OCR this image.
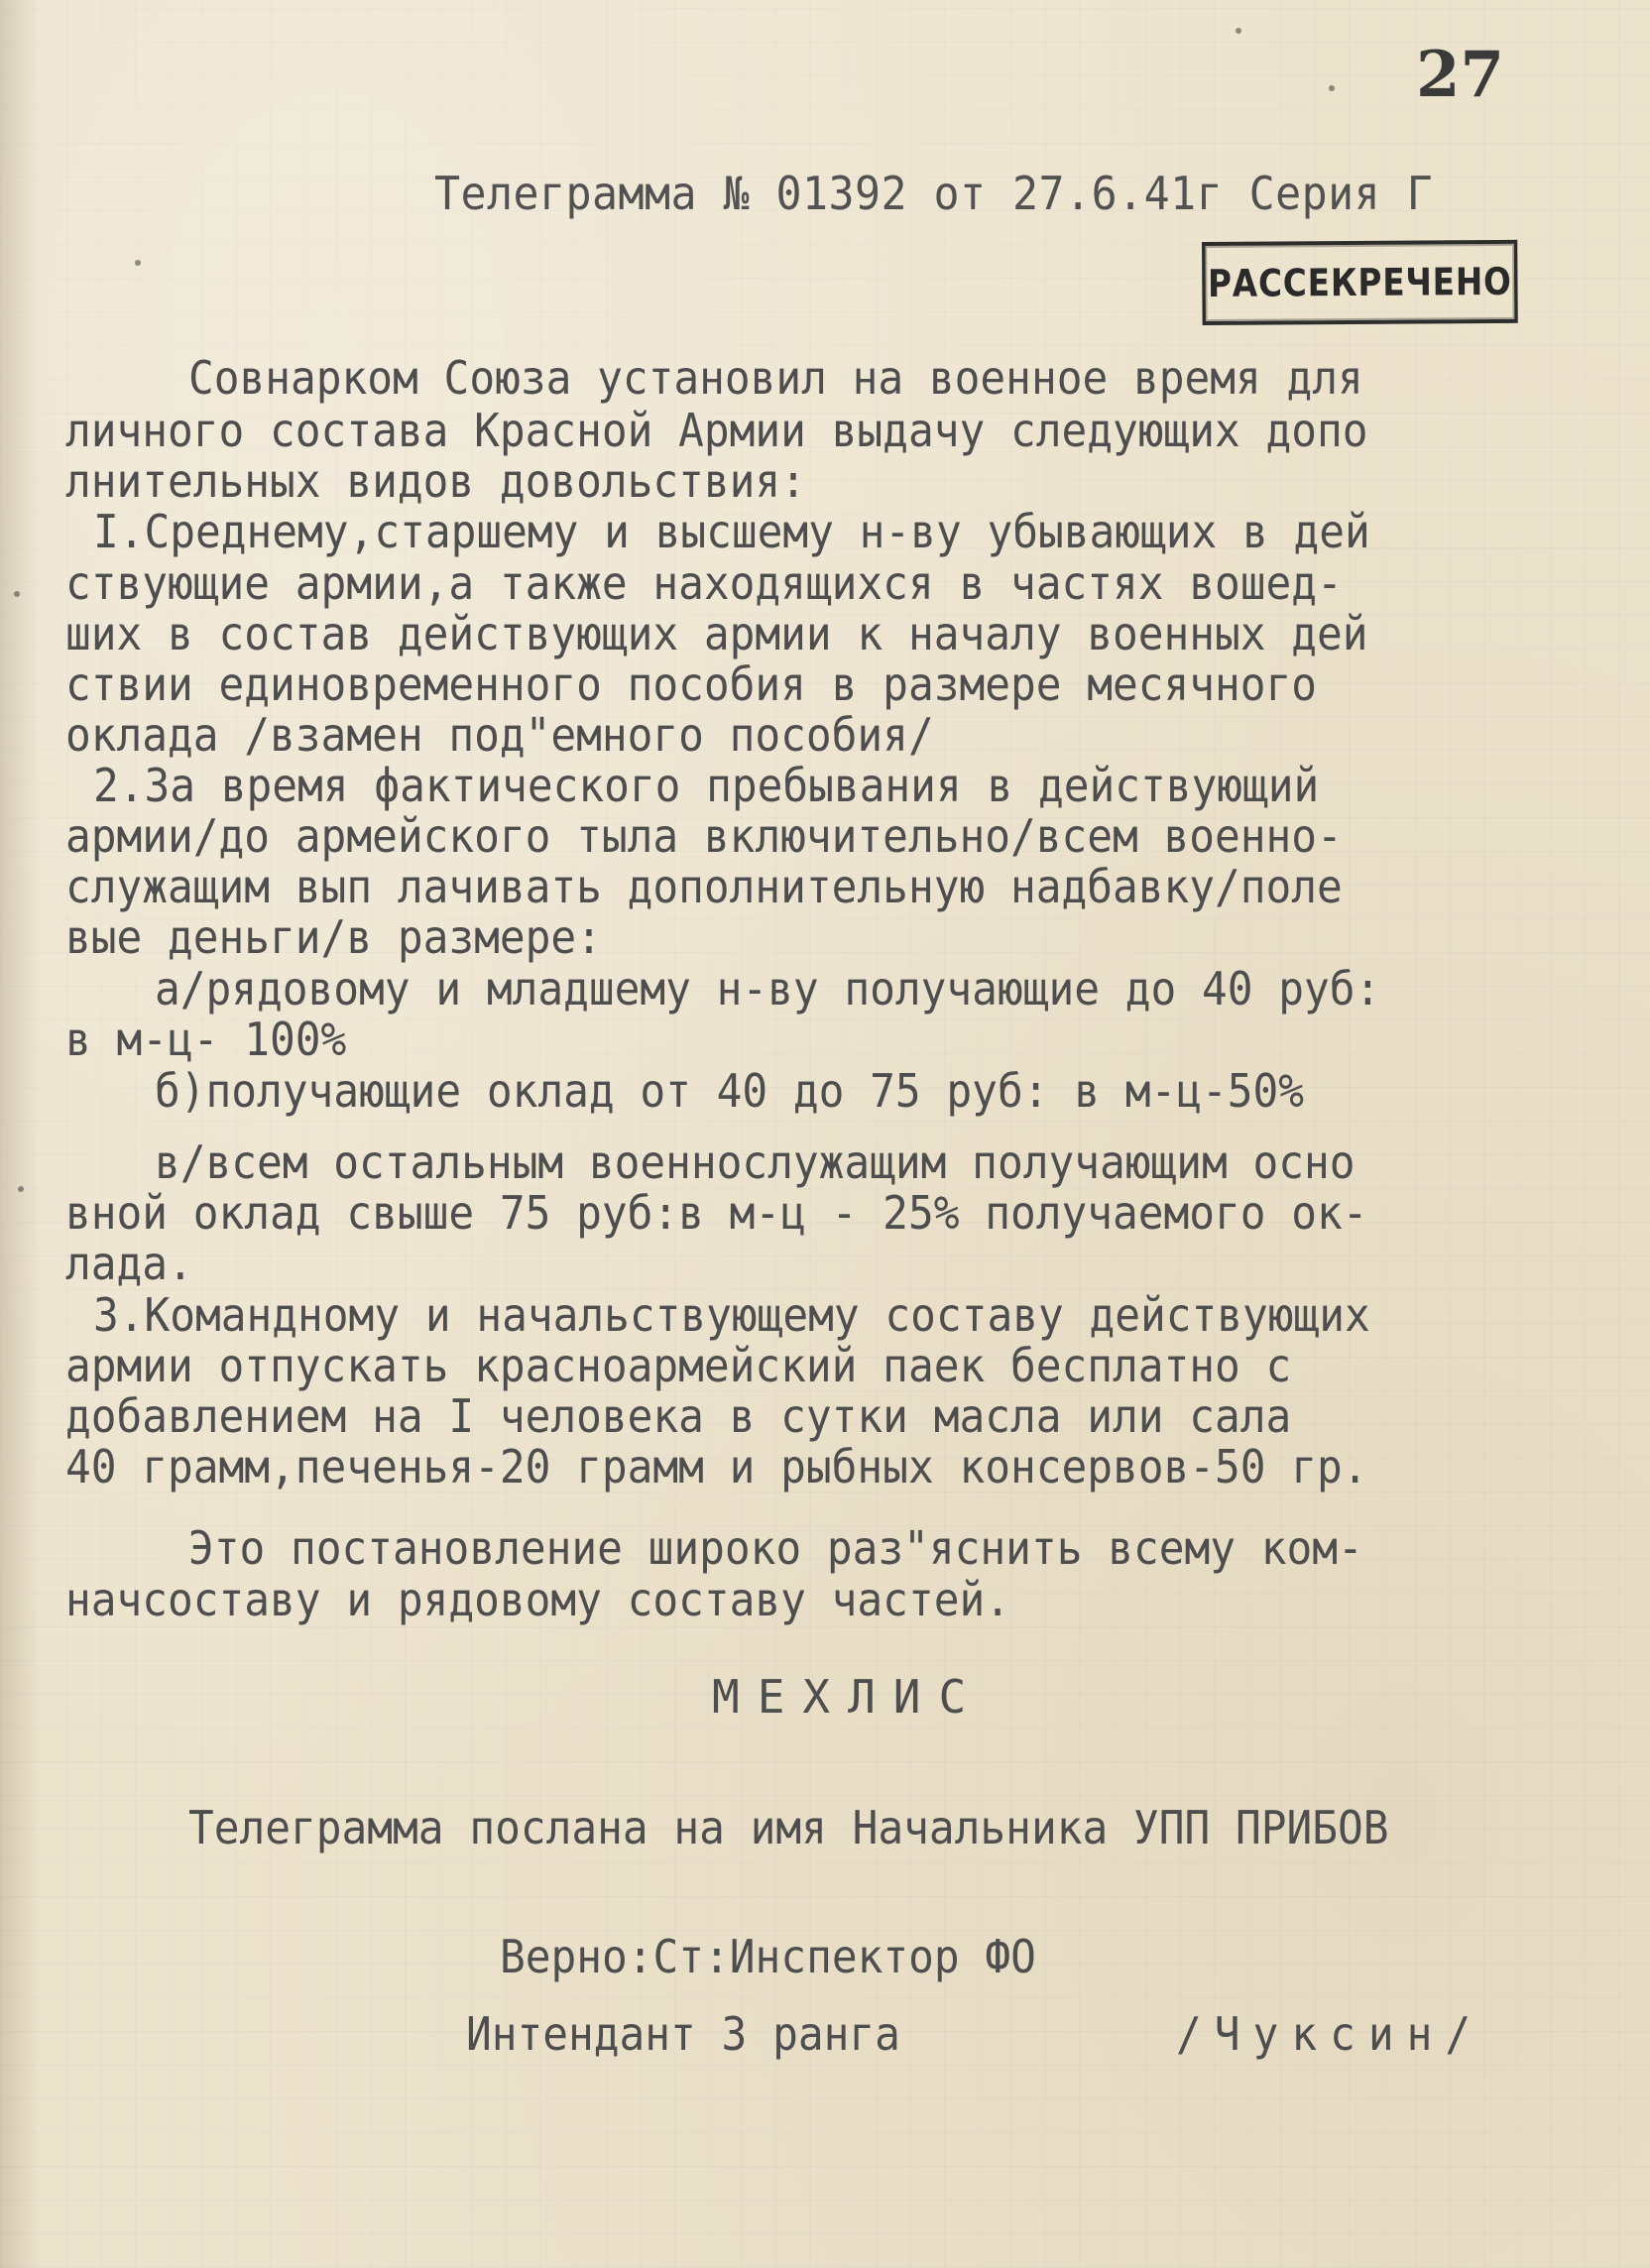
27
Телеграмма № 01392 от 27.6.41г Серия Г
РАССЕКРЕЧЕНО
Совнарком Союза установил на военное время для
личного состава Красной Армии выдачу следующих допо
лнительных видов довольствия:
I.Среднему,старшему и высшему н-ву убывающих в дей
ствующие армии,а также находящихся в частях вошед-
ших в состав действующих армии к началу военных дей
ствии единовременного пособия в размере месячного
оклада /взамен под"емного пособия/
2.За время фактического пребывания в действующий
армии/до армейского тыла включительно/всем военно-
служащим вып лачивать дополнительную надбавку/поле
вые деньги/в размере:
а/рядовому и младшему н-ву получающие до 40 руб:
в м-ц- 100%
б)получающие оклад от 40 до 75 руб: в м-ц-50%
в/всем остальным военнослужащим получающим осно
вной оклад свыше 75 руб:в м-ц - 25% получаемого ок-
лада.
3.Командному и начальствующему составу действующих
армии отпускать красноармейский паек бесплатно с
добавлением на I человека в сутки масла или сала
40 грамм,печенья-20 грамм и рыбных консервов-50 гр.
Это постановление широко раз"яснить всему ком-
начсоставу и рядовому составу частей.
МЕХЛИС
Телеграмма послана на имя Начальника УПП ПРИБОВ
Верно:Ст:Инспектор ФО
Интендант 3 ранга	/Чуксин/
